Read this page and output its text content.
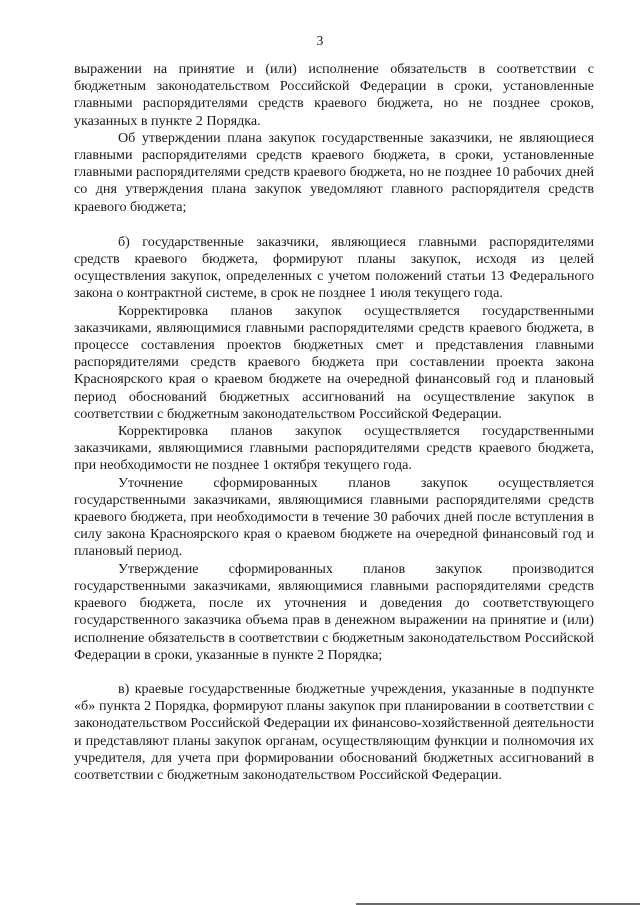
3

выражении на принятие и (или) исполнение обязательств в соответствии с бюджетным законодательством Российской Федерации в сроки, установленные главными распорядителями средств краевого бюджета, но не позднее сроков, указанных в пункте 2 Порядка.

Об утверждении плана закупок государственные заказчики, не являющиеся главными распорядителями средств краевого бюджета, в сроки, установленные главными распорядителями средств краевого бюджета, но не позднее 10 рабочих дней со дня утверждения плана закупок уведомляют главного распорядителя средств краевого бюджета;

б) государственные заказчики, являющиеся главными распорядителями средств краевого бюджета, формируют планы закупок, исходя из целей осуществления закупок, определенных с учетом положений статьи 13 Федерального закона о контрактной системе, в срок не позднее 1 июля текущего года.

Корректировка планов закупок осуществляется государственными заказчиками, являющимися главными распорядителями средств краевого бюджета, в процессе составления проектов бюджетных смет и представления главными распорядителями средств краевого бюджета при составлении проекта закона Красноярского края о краевом бюджете на очередной финансовый год и плановый период обоснований бюджетных ассигнований на осуществление закупок в соответствии с бюджетным законодательством Российской Федерации.

Корректировка планов закупок осуществляется государственными заказчиками, являющимися главными распорядителями средств краевого бюджета, при необходимости не позднее 1 октября текущего года.

Уточнение сформированных планов закупок осуществляется государственными заказчиками, являющимися главными распорядителями средств краевого бюджета, при необходимости в течение 30 рабочих дней после вступления в силу закона Красноярского края о краевом бюджете на очередной финансовый год и плановый период.

Утверждение сформированных планов закупок производится государственными заказчиками, являющимися главными распорядителями средств краевого бюджета, после их уточнения и доведения до соответствующего государственного заказчика объема прав в денежном выражении на принятие и (или) исполнение обязательств в соответствии с бюджетным законодательством Российской Федерации в сроки, указанные в пункте 2 Порядка;

в) краевые государственные бюджетные учреждения, указанные в подпункте «б» пункта 2 Порядка, формируют планы закупок при планировании в соответствии с законодательством Российской Федерации их финансово-хозяйственной деятельности и представляют планы закупок органам, осуществляющим функции и полномочия их учредителя, для учета при формировании обоснований бюджетных ассигнований в соответствии с бюджетным законодательством Российской Федерации.
